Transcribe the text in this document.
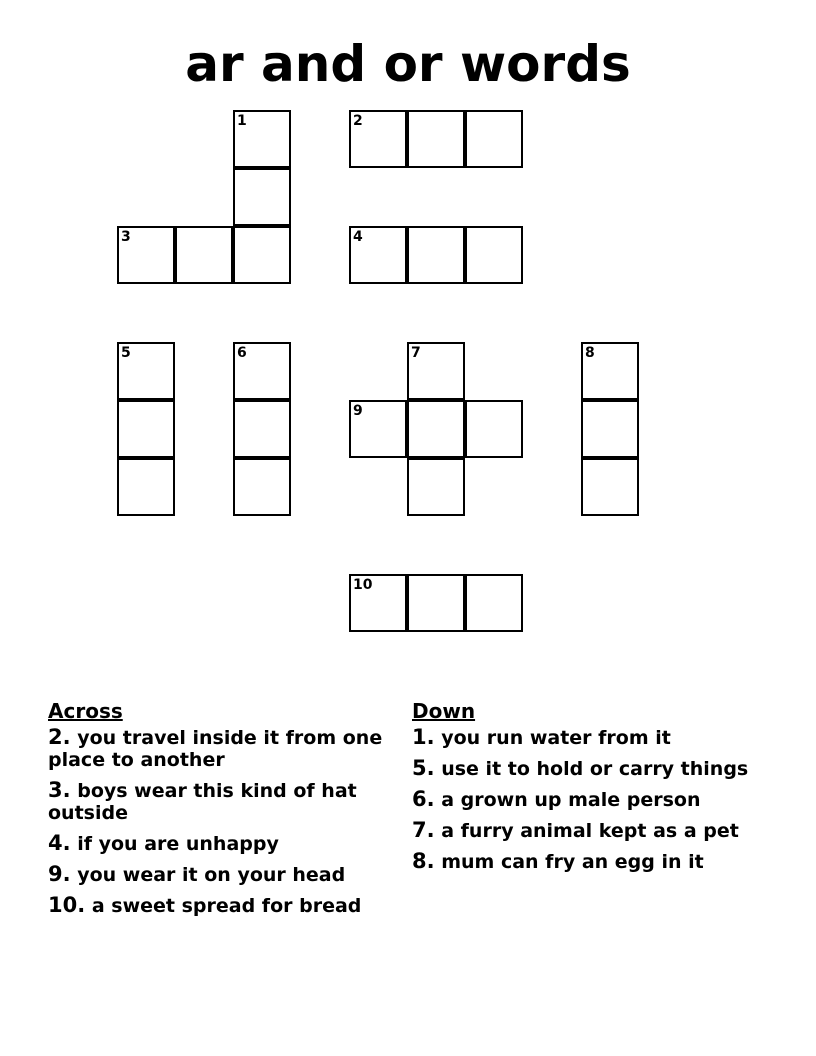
ar and or words
1
3
2
4
5	6	7
9
8
10
Across
2. you travel inside it from one place to another
3. boys wear this kind of hat outside
4. if you are unhappy
9. you wear it on your head
10. a sweet spread for bread
Down
1. you run water from it
5. use it to hold or carry things
6. a grown up male person
7. a furry animal kept as a pet
8. mum can fry an egg in it
